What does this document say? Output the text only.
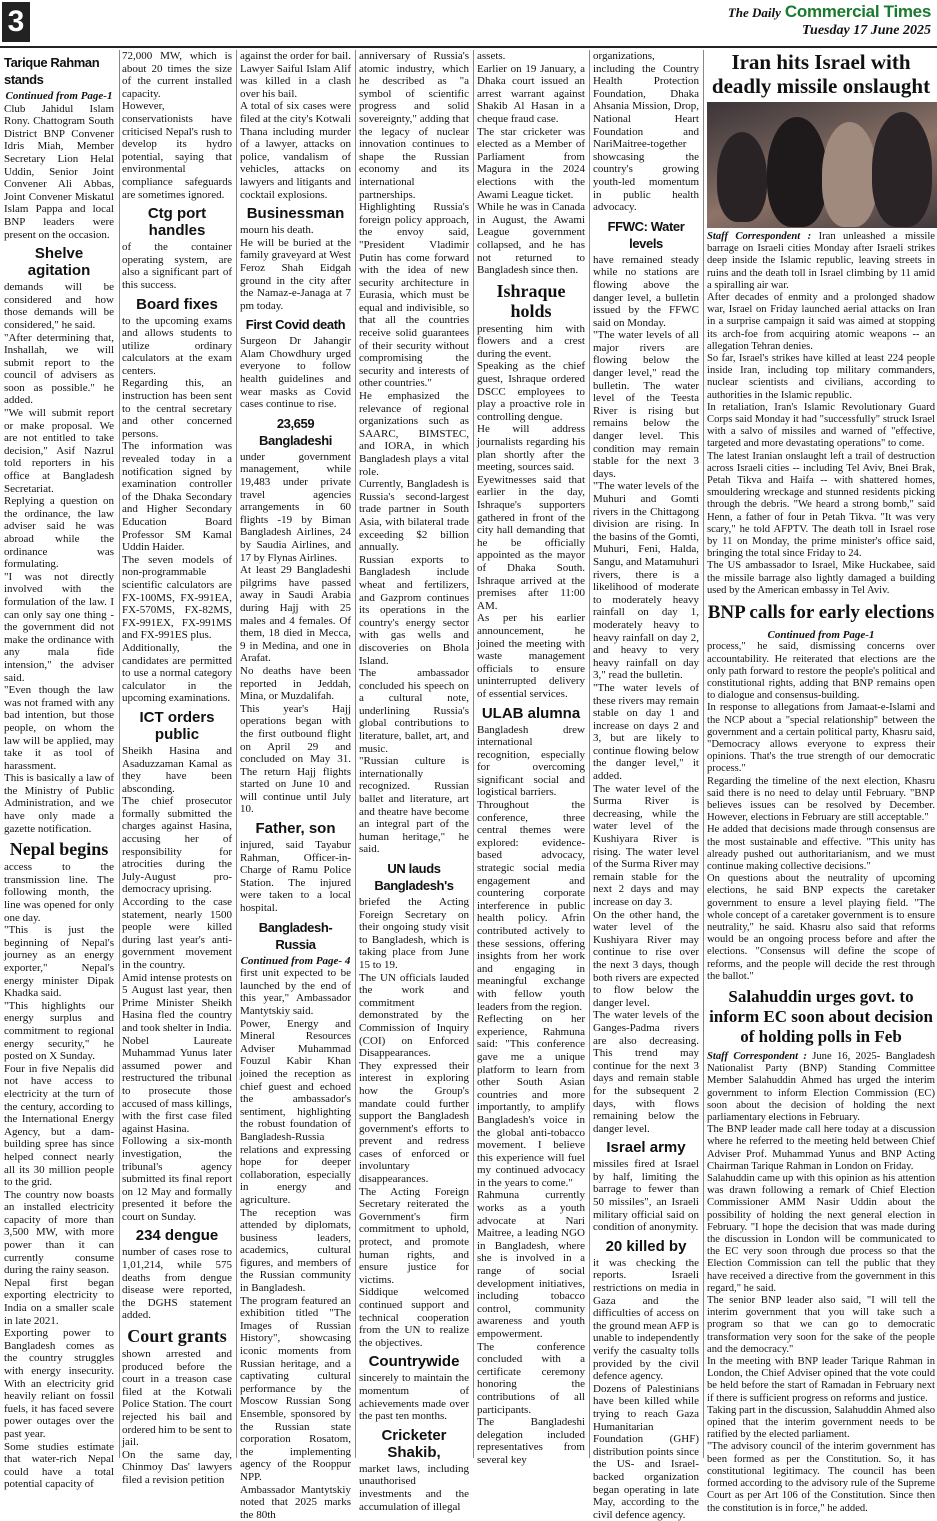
3	The Daily Commercial Times
Tuesday 17 June 2025
Tarique Rahman stands

Continued from Page-1

Club Jahidul Islam Rony. Chattogram South District BNP Convener Idris Miah, Member Secretary Lion Helal Uddin, Senior Joint Convener Ali Abbas, Joint Convener Miskatul Islam Pappa and local BNP leaders were present on the occasion.

Shelve agitation

demands will be considered and how those demands will be considered," he said.

"After determining that, Inshallah, we will submit report to the council of advisers as soon as possible." he added.

"We will submit report or make proposal. We are not entitled to take decision," Asif Nazrul told reporters in his office at Bangladesh Secretariat.

Replying a question on the ordinance, the law adviser said he was abroad while the ordinance was formulating.

"I was not directly involved with the formulation of the law. I can only say one thing - the government did not make the ordinance with any mala fide intension," the adviser said.

"Even though the law was not framed with any bad intention, but those people, on whom the law will be applied, may take it as tool of harassment.

This is basically a law of the Ministry of Public Administration, and we have only made a gazette notification.

Nepal begins

access to the transmission line. The following month, the line was opened for only one day.

"This is just the beginning of Nepal's journey as an energy exporter," Nepal's energy minister Dipak Khadka said.

"This highlights our energy surplus and commitment to regional energy security," he posted on X Sunday.

Four in five Nepalis did not have access to electricity at the turn of the century, according to the International Energy Agency, but a dam-building spree has since helped connect nearly all its 30 million people to the grid.

The country now boasts an installed electricity capacity of more than 3,500 MW, with more power than it can currently consume during the rainy season.

Nepal first began exporting electricity to India on a smaller scale in late 2021.

Exporting power to Bangladesh comes as the country struggles with energy insecurity. With an electricity grid heavily reliant on fossil fuels, it has faced severe power outages over the past year.

Some studies estimate that water-rich Nepal could have a total potential capacity of

72,000 MW, which is about 20 times the size of the current installed capacity.

However, conservationists have criticised Nepal's rush to develop its hydro potential, saying that environmental compliance safeguards are sometimes ignored.

Ctg port handles

of the container operating system, are also a significant part of this success.

Board fixes

to the upcoming exams and allows students to utilize ordinary calculators at the exam centers.

Regarding this, an instruction has been sent to the central secretary and other concerned persons.

The information was revealed today in a notification signed by examination controller of the Dhaka Secondary and Higher Secondary Education Board Professor SM Kamal Uddin Haider.

The seven models of non-programmable scientific calculators are FX-100MS, FX-991EA, FX-570MS, FX-82MS, FX-991EX, FX-991MS and FX-991ES plus.

Additionally, the candidates are permitted to use a normal category calculator in the upcoming examinations.

ICT orders public

Sheikh Hasina and Asaduzzaman Kamal as they have been absconding.

The chief prosecutor formally submitted the charges against Hasina, accusing her of responsibility for atrocities during the July-August pro-democracy uprising.

According to the case statement, nearly 1500 people were killed during last year's anti-government movement in the country.

Amid intense protests on 5 August last year, then Prime Minister Sheikh Hasina fled the country and took shelter in India.

Nobel Laureate Muhammad Yunus later assumed power and restructured the tribunal to prosecute those accused of mass killings, with the first case filed against Hasina.

Following a six-month investigation, the tribunal's agency submitted its final report on 12 May and formally presented it before the court on Sunday.

234 dengue

number of cases rose to 1,01,214, while 575 deaths from dengue disease were reported, the DGHS statement added.

Court grants

shown arrested and produced before the court in a treason case filed at the Kotwali Police Station. The court rejected his bail and ordered him to be sent to jail.

On the same day, Chinmoy Das' lawyers filed a revision petition

against the order for bail. Lawyer Saiful Islam Alif was killed in a clash over his bail.

A total of six cases were filed at the city's Kotwali Thana including murder of a lawyer, attacks on police, vandalism of vehicles, attacks on lawyers and litigants and cocktail explosions.

Businessman

mourn his death.

He will be buried at the family graveyard at West Feroz Shah Eidgah ground in the city after the Namaz-e-Janaga at 7 pm today.

First Covid death

Surgeon Dr Jahangir Alam Chowdhury urged everyone to follow health guidelines and wear masks as Covid cases continue to rise.

23,659 Bangladeshi

under government management, while 19,483 under private travel agencies arrangements in 60 flights -19 by Biman Bangladesh Airlines, 24 by Saudia Airlines, and 17 by Flynas Airlines.

At least 29 Bangladeshi pilgrims have passed away in Saudi Arabia during Hajj with 25 males and 4 females. Of them, 18 died in Mecca, 9 in Medina, and one in Arafat.

No deaths have been reported in Jeddah, Mina, or Muzdalifah.

This year's Hajj operations began with the first outbound flight on April 29 and concluded on May 31. The return Hajj flights started on June 10 and will continue until July 10.

Father, son

injured, said Tayabur Rahman, Officer-in-Charge of Ramu Police Station. The injured were taken to a local hospital.

Bangladesh-Russia

Continued from Page- 4

first unit expected to be launched by the end of this year," Ambassador Mantytskiy said.

Power, Energy and Mineral Resources Adviser Muhammad Fouzul Kabir Khan joined the reception as chief guest and echoed the ambassador's sentiment, highlighting the robust foundation of Bangladesh-Russia relations and expressing hope for deeper collaboration, especially in energy and agriculture.

The reception was attended by diplomats, business leaders, academics, cultural figures, and members of the Russian community in Bangladesh.

The program featured an exhibition titled "The Images of Russian History", showcasing iconic moments from Russian heritage, and a captivating cultural performance by the Moscow Russian Song Ensemble, sponsored by the Russian state corporation Rosatom, the implementing agency of the Rooppur NPP.

Ambassador Mantytskiy noted that 2025 marks the 80th

anniversary of Russia's atomic industry, which he described as "a symbol of scientific progress and solid sovereignty," adding that the legacy of nuclear innovation continues to shape the Russian economy and its international partnerships.

Highlighting Russia's foreign policy approach, the envoy said, "President Vladimir Putin has come forward with the idea of new security architecture in Eurasia, which must be equal and indivisible, so that all the countries receive solid guarantees of their security without compromising the security and interests of other countries."

He emphasized the relevance of regional organizations such as SAARC, BIMSTEC, and IORA, in which Bangladesh plays a vital role.

Currently, Bangladesh is Russia's second-largest trade partner in South Asia, with bilateral trade exceeding $2 billion annually.

Russian exports to Bangladesh include wheat and fertilizers, and Gazprom continues its operations in the country's energy sector with gas wells and discoveries on Bhola Island.

The ambassador concluded his speech on a cultural note, underlining Russia's global contributions to literature, ballet, art, and music.

"Russian culture is internationally recognized. Russian ballet and literature, art and theatre have become an integral part of the human heritage," he said.

UN lauds Bangladesh's

briefed the Acting Foreign Secretary on their ongoing study visit to Bangladesh, which is taking place from June 15 to 19.

The UN officials lauded the work and commitment demonstrated by the Commission of Inquiry (COI) on Enforced Disappearances.

They expressed their interest in exploring how the Group's mandate could further support the Bangladesh government's efforts to prevent and redress cases of enforced or involuntary disappearances.

The Acting Foreign Secretary reiterated the Government's firm commitment to uphold, protect, and promote human rights, and ensure justice for victims.

Siddique welcomed continued support and technical cooperation from the UN to realize the objectives.

Countrywide

sincerely to maintain the momentum of achievements made over the past ten months.

Cricketer Shakib,

market laws, including unauthorised investments and the accumulation of illegal

assets.

Earlier on 19 January, a Dhaka court issued an arrest warrant against Shakib Al Hasan in a cheque fraud case.

The star cricketer was elected as a Member of Parliament from Magura in the 2024 elections with the Awami League ticket.

While he was in Canada in August, the Awami League government collapsed, and he has not returned to Bangladesh since then.

Ishraque holds

presenting him with flowers and a crest during the event.

Speaking as the chief guest, Ishraque ordered DSCC employees to play a proactive role in controlling dengue.

He will address journalists regarding his plan shortly after the meeting, sources said.

Eyewitnesses said that earlier in the day, Ishraque's supporters gathered in front of the city hall demanding that he be officially appointed as the mayor of Dhaka South. Ishraque arrived at the premises after 11:00 AM.

As per his earlier announcement, he joined the meeting with waste management officials to ensure uninterrupted delivery of essential services.

ULAB alumna

Bangladesh drew international recognition, especially for overcoming significant social and logistical barriers.

Throughout the conference, three central themes were explored: evidence-based advocacy, strategic social media engagement and countering corporate interference in public health policy. Afrin contributed actively to these sessions, offering insights from her work and engaging in meaningful exchange with fellow youth leaders from the region.

Reflecting on her experience, Rahmuna said: "This conference gave me a unique platform to learn from other South Asian countries and more importantly, to amplify Bangladesh's voice in the global anti-tobacco movement. I believe this experience will fuel my continued advocacy in the years to come."

Rahmuna currently works as a youth advocate at Nari Maitree, a leading NGO in Bangladesh, where she is involved in a range of social development initiatives, including tobacco control, community awareness and youth empowerment.

The conference concluded with a certificate ceremony honoring the contributions of all participants.

The Bangladeshi delegation included representatives from several key

organizations, including the Country Health Protection Foundation, Dhaka Ahsania Mission, Drop, National Heart Foundation and NariMaitree-together showcasing the country's growing youth-led momentum in public health advocacy.

FFWC: Water levels

have remained steady while no stations are flowing above the danger level, a bulletin issued by the FFWC said on Monday.

"The water levels of all major rivers are flowing below the danger level," read the bulletin. The water level of the Teesta River is rising but remains below the danger level. This condition may remain stable for the next 3 days.

"The water levels of the Muhuri and Gomti rivers in the Chittagong division are rising. In the basins of the Gomti, Muhuri, Feni, Halda, Sangu, and Matamuhuri rivers, there is a likelihood of moderate to moderately heavy rainfall on day 1, moderately heavy to heavy rainfall on day 2, and heavy to very heavy rainfall on day 3," read the bulletin.

"The water levels of these rivers may remain stable on day 1 and increase on days 2 and 3, but are likely to continue flowing below the danger level," it added.

The water level of the Surma River is decreasing, while the water level of the Kushiyara River is rising. The water level of the Surma River may remain stable for the next 2 days and may increase on day 3.

On the other hand, the water level of the Kushiyara River may continue to rise over the next 3 days, though both rivers are expected to flow below the danger level.

The water levels of the Ganges-Padma rivers are also decreasing. This trend may continue for the next 3 days and remain stable for the subsequent 2 days, with flows remaining below the danger level.

Israel army

missiles fired at Israel by half, limiting the barrage to fewer than 50 missiles", an Israeli military official said on condition of anonymity.

20 killed by

it was checking the reports. Israeli restrictions on media in Gaza and the difficulties of access on the ground mean AFP is unable to independently verify the casualty tolls provided by the civil defence agency.

Dozens of Palestinians have been killed while trying to reach Gaza Humanitarian Foundation (GHF) distribution points since the US- and Israel-backed organization began operating in late May, according to the civil defence agency.

Iran hits Israel with deadly missile onslaught

Staff Correspondent : Iran unleashed a missile barrage on Israeli cities Monday after Israeli strikes deep inside the Islamic republic, leaving streets in ruins and the death toll in Israel climbing by 11 amid a spiralling air war.

After decades of enmity and a prolonged shadow war, Israel on Friday launched aerial attacks on Iran in a surprise campaign it said was aimed at stopping its arch-foe from acquiring atomic weapons -- an allegation Tehran denies.

So far, Israel's strikes have killed at least 224 people inside Iran, including top military commanders, nuclear scientists and civilians, according to authorities in the Islamic republic.

In retaliation, Iran's Islamic Revolutionary Guard Corps said Monday it had "successfully" struck Israel with a salvo of missiles and warned of "effective, targeted and more devastating operations" to come.

The latest Iranian onslaught left a trail of destruction across Israeli cities -- including Tel Aviv, Bnei Brak, Petah Tikva and Haifa -- with shattered homes, smouldering wreckage and stunned residents picking through the debris. "We heard a strong bomb," said Henn, a father of four in Petah Tikva. "It was very scary," he told AFPTV. The death toll in Israel rose by 11 on Monday, the prime minister's office said, bringing the total since Friday to 24.

The US ambassador to Israel, Mike Huckabee, said the missile barrage also lightly damaged a building used by the American embassy in Tel Aviv.

BNP calls for early elections

Continued from Page-1

process," he said, dismissing concerns over accountability. He reiterated that elections are the only path forward to restore the people's political and constitutional rights, adding that BNP remains open to dialogue and consensus-building.

In response to allegations from Jamaat-e-Islami and the NCP about a "special relationship" between the government and a certain political party, Khasru said, "Democracy allows everyone to express their opinions. That's the true strength of our democratic process."

Regarding the timeline of the next election, Khasru said there is no need to delay until February. "BNP believes issues can be resolved by December. However, elections in February are still acceptable."

He added that decisions made through consensus are the most sustainable and effective. "This unity has already pushed out authoritarianism, and we must continue making collective decisions."

On questions about the neutrality of upcoming elections, he said BNP expects the caretaker government to ensure a level playing field. "The whole concept of a caretaker government is to ensure neutrality," he said. Khasru also said that reforms would be an ongoing process before and after the elections. "Consensus will define the scope of reforms, and the people will decide the rest through the ballot."

Salahuddin urges govt. to inform EC soon about decision of holding polls in Feb

Staff Correspondent : June 16, 2025- Bangladesh Nationalist Party (BNP) Standing Committee Member Salahuddin Ahmed has urged the interim government to inform Election Commission (EC) soon about the decision of holding the next parliamentary elections in February.

The BNP leader made call here today at a discussion where he referred to the meeting held between Chief Adviser Prof. Muhammad Yunus and BNP Acting Chairman Tarique Rahman in London on Friday.

Salahuddin came up with this opinion as his attention was drawn following a remark of Chief Election Commissioner AMM Nasir Uddin about the possibility of holding the next general election in February. "I hope the decision that was made during the discussion in London will be communicated to the EC very soon through due process so that the Election Commission can tell the public that they have received a directive from the government in this regard," he said.

The senior BNP leader also said, "I will tell the interim government that you will take such a program so that we can go to democratic transformation very soon for the sake of the people and the democracy."

In the meeting with BNP leader Tarique Rahman in London, the Chief Adviser opined that the vote could be held before the start of Ramadan in February next if there is sufficient progress on reforms and justice.

Taking part in the discussion, Salahuddin Ahmed also opined that the interim government needs to be ratified by the elected parliament.

"The advisory council of the interim government has been formed as per the Constitution. So, it has constitutional legitimacy. The council has been formed according to the advisory rule of the Supreme Court as per Art 106 of the Constitution. Since then the constitution is in force," he added.
